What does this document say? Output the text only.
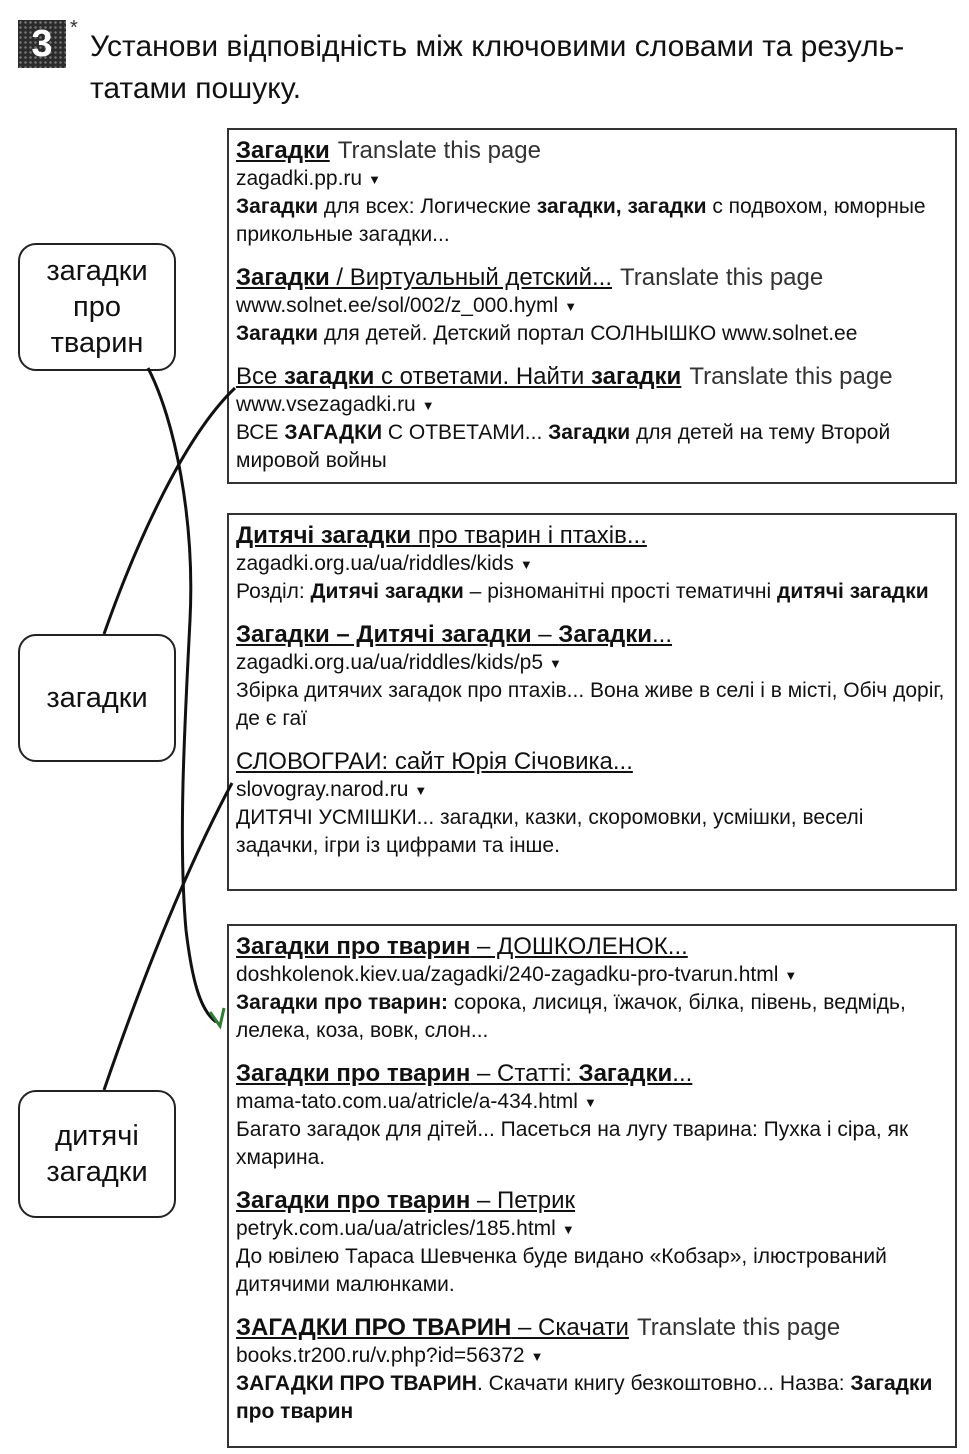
3 *
Установи відповідність між ключовими словами та резуль-татами пошуку.
загадки
про
тварин
загадки
дитячі
загадки
Загадки Translate this page
zagadki.pp.ru ▼
Загадки для всех: Логические загадки, загадки с подвохом, юморные прикольные загадки...
Загадки / Виртуальный детский... Translate this page
www.solnet.ee/sol/002/z_000.hyml ▼
Загадки для детей. Детский портал СОЛНЫШКО www.solnet.ee
Все загадки с ответами. Найти загадки Translate this page
www.vsezagadki.ru ▼
ВСЕ ЗАГАДКИ С ОТВЕТАМИ... Загадки для детей на тему Второй мировой войны
Дитячі загадки про тварин і птахів...
zagadki.org.ua/ua/riddles/kids ▼
Розділ: Дитячі загадки – різноманітні прості тематичні дитячі загадки
Загадки – Дитячі загадки – Загадки...
zagadki.org.ua/ua/riddles/kids/p5 ▼
Збірка дитячих загадок про птахів... Вона живе в селі і в місті, Обіч доріг, де є гаї
СЛОВОГРАИ: сайт Юрія Січовика...
slovogray.narod.ru ▼
ДИТЯЧІ УСМІШКИ... загадки, казки, скоромовки, усмішки, веселі задачки, ігри із цифрами та інше.
Загадки про тварин – ДОШКОЛЕНОК...
doshkolenok.kiev.ua/zagadki/240-zagadku-pro-tvarun.html ▼
Загадки про тварин: сорока, лисиця, їжачок, білка, півень, ведмідь, лелека, коза, вовк, слон...
Загадки про тварин – Статті: Загадки...
mama-tato.com.ua/atricle/a-434.html ▼
Багато загадок для дітей... Пасеться на лугу тварина: Пухка і сіра, як хмарина.
Загадки про тварин – Петрик
petryk.com.ua/ua/atricles/185.html ▼
До ювілею Тараса Шевченка буде видано «Кобзар», ілюстрований дитячими малюнками.
ЗАГАДКИ ПРО ТВАРИН – Скачати Translate this page
books.tr200.ru/v.php?id=56372 ▼
ЗАГАДКИ ПРО ТВАРИН. Скачати книгу безкоштовно... Назва: Загадки про тварин
